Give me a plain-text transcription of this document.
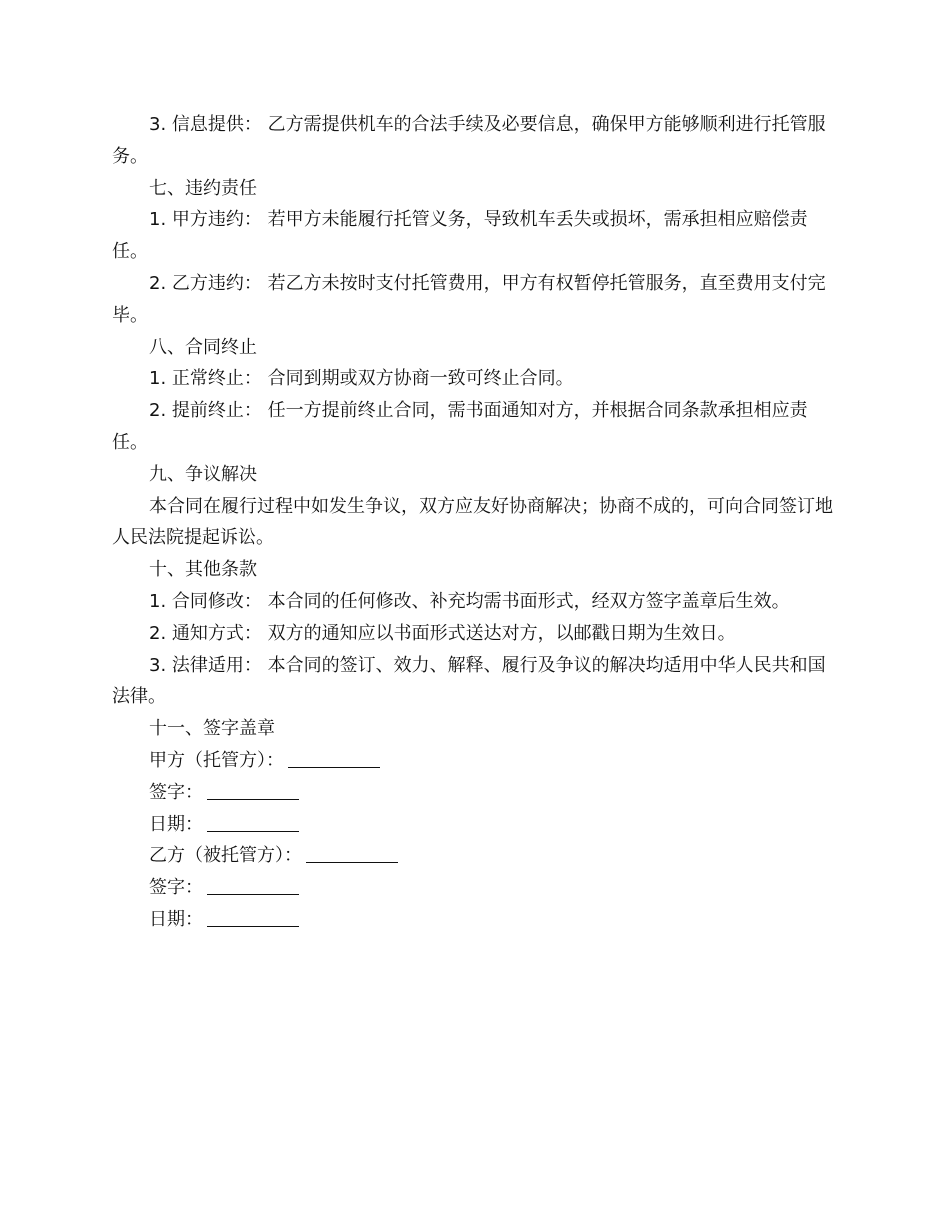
3. 信息提供： 乙方需提供机车的合法手续及必要信息，确保甲方能够顺利进行托管服务。

七、违约责任

1. 甲方违约： 若甲方未能履行托管义务，导致机车丢失或损坏，需承担相应赔偿责任。

2. 乙方违约： 若乙方未按时支付托管费用，甲方有权暂停托管服务，直至费用支付完毕。

八、合同终止

1. 正常终止： 合同到期或双方协商一致可终止合同。

2. 提前终止： 任一方提前终止合同，需书面通知对方，并根据合同条款承担相应责任。

九、争议解决

本合同在履行过程中如发生争议，双方应友好协商解决；协商不成的，可向合同签订地人民法院提起诉讼。

十、其他条款

1. 合同修改： 本合同的任何修改、补充均需书面形式，经双方签字盖章后生效。

2. 通知方式： 双方的通知应以书面形式送达对方，以邮戳日期为生效日。

3. 法律适用： 本合同的签订、效力、解释、履行及争议的解决均适用中华人民共和国法律。

十一、签字盖章

甲方（托管方）：
签字：
日期：
乙方（被托管方）：
签字：
日期：
